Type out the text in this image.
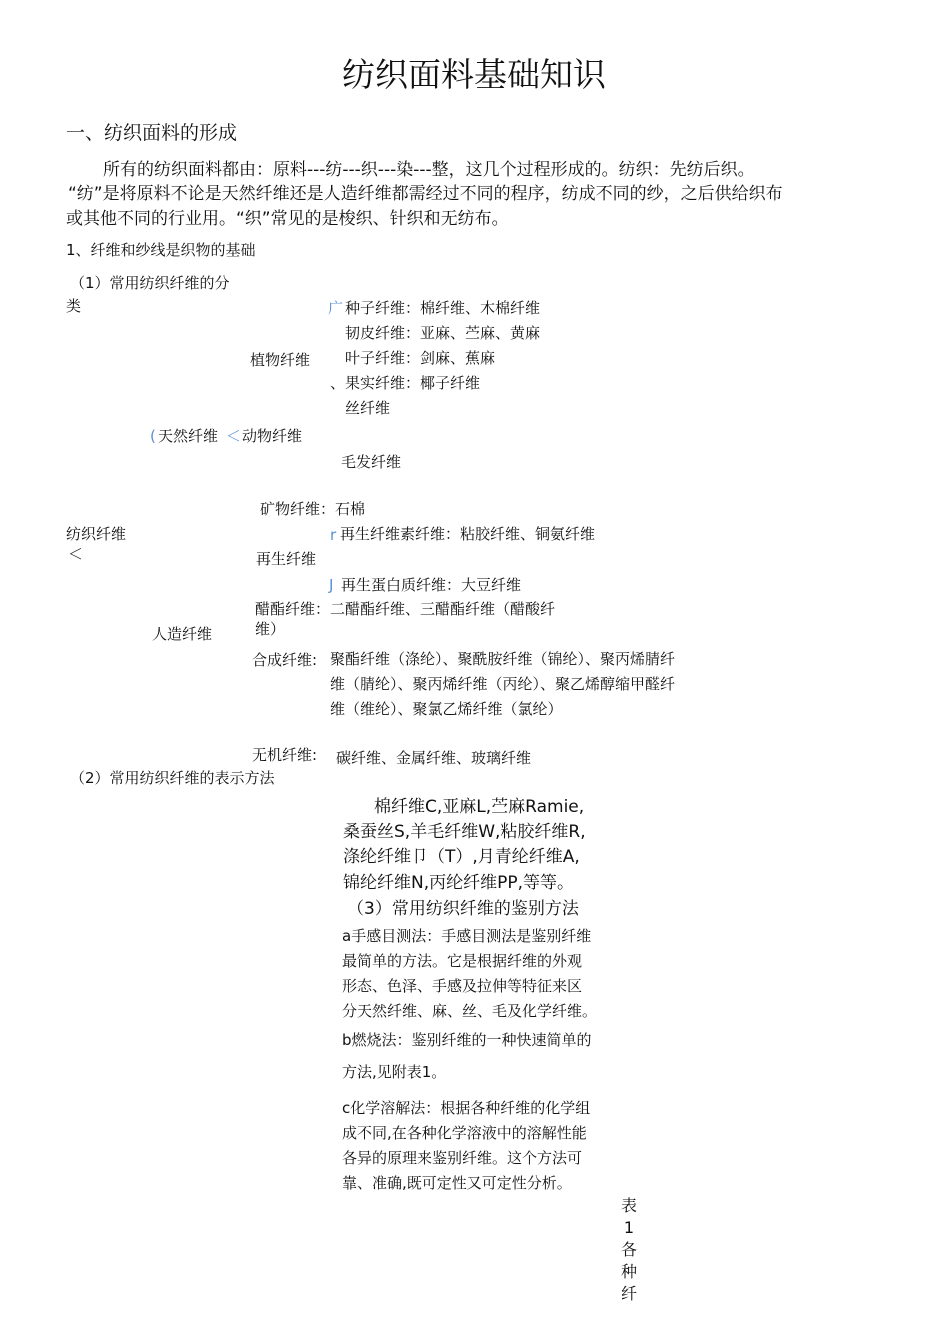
纺织面料基础知识
一、纺织面料的形成
所有的纺织面料都由：原料---纺---织---染---整，这几个过程形成的。纺织：先纺后织。
“纺”是将原料不论是天然纤维还是人造纤维都需经过不同的程序，纺成不同的纱，之后供给织布
或其他不同的行业用。“织”常见的是梭织、针织和无纺布。
1、纤维和纱线是织物的基础
（1）常用纺织纤维的分
类	广 种子纤维：棉纤维、木棉纤维
韧皮纤维：亚麻、苎麻、黄麻
植物纤维 叶子纤维：剑麻、蕉麻
、果实纤维：椰子纤维
丝纤维
( 天然纤维 ＜ 动物纤维
毛发纤维
矿物纤维：石棉
纺织纤维
＜
r 再生纤维素纤维：粘胶纤维、铜氨纤维
再生纤维
J 再生蛋白质纤维：大豆纤维
醋酯纤维：二醋酯纤维、三醋酯纤维（醋酸纤
维）
人造纤维
合成纤维: 聚酯纤维（涤纶）、聚酰胺纤维（锦纶）、聚丙烯腈纤
维（腈纶）、聚丙烯纤维（丙纶）、聚乙烯醇缩甲醛纤
维（维纶）、聚氯乙烯纤维（氯纶）
无机纤维: 碳纤维、金属纤维、玻璃纤维
（2）常用纺织纤维的表示方法
棉纤维C,亚麻L,苎麻Ramie,
桑蚕丝S,羊毛纤维W,粘胶纤维R,
涤纶纤维卩（T）,月青纶纤维A,
锦纶纤维N,丙纶纤维PP,等等。
（3）常用纺织纤维的鉴别方法
a手感目测法：手感目测法是鉴别纤维
最简单的方法。它是根据纤维的外观
形态、色泽、手感及拉伸等特征来区
分天然纤维、麻、丝、毛及化学纤维。
b燃烧法：鉴别纤维的一种快速简单的
方法,见附表1。
c化学溶解法：根据各种纤维的化学组
成不同,在各种化学溶液中的溶解性能
各异的原理来鉴别纤维。这个方法可
靠、准确,既可定性又可定性分析。
表
1
各
种
纤
